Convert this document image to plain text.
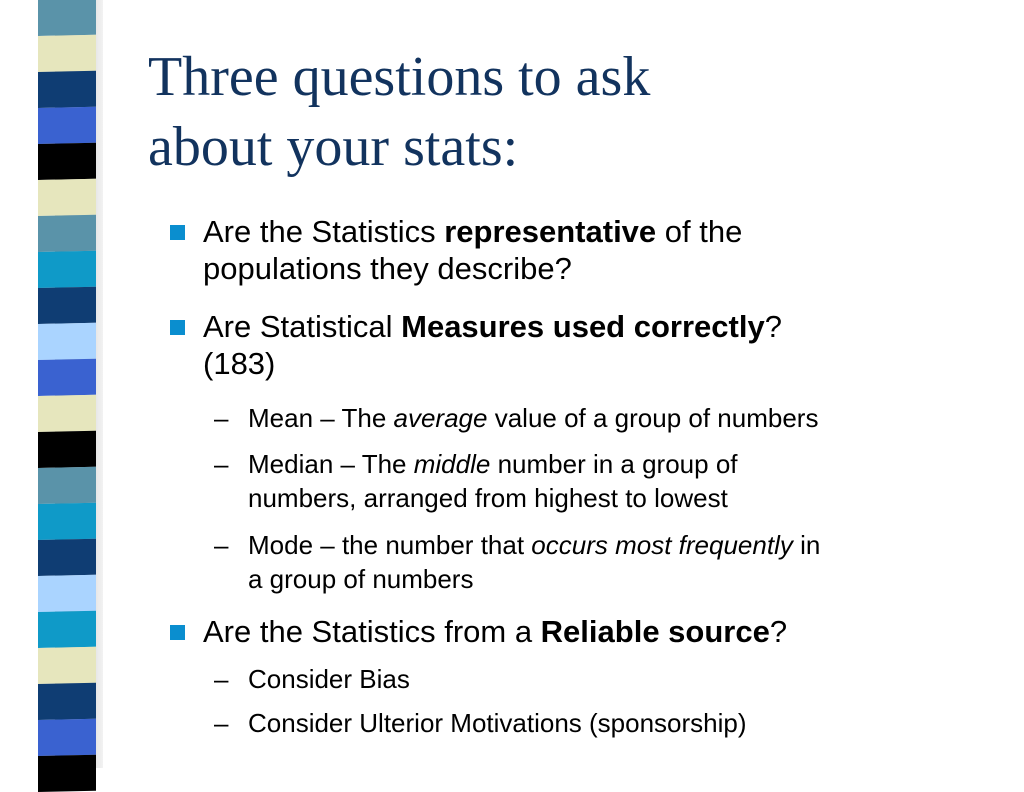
Three questions to ask
about your stats:
Are the Statistics representative of the
populations they describe?
Are Statistical Measures used correctly?
(183)
– Mean – The average value of a group of numbers
– Median – The middle number in a group of
numbers, arranged from highest to lowest
– Mode – the number that occurs most frequently in
a group of numbers
Are the Statistics from a Reliable source?
– Consider Bias
– Consider Ulterior Motivations (sponsorship)
